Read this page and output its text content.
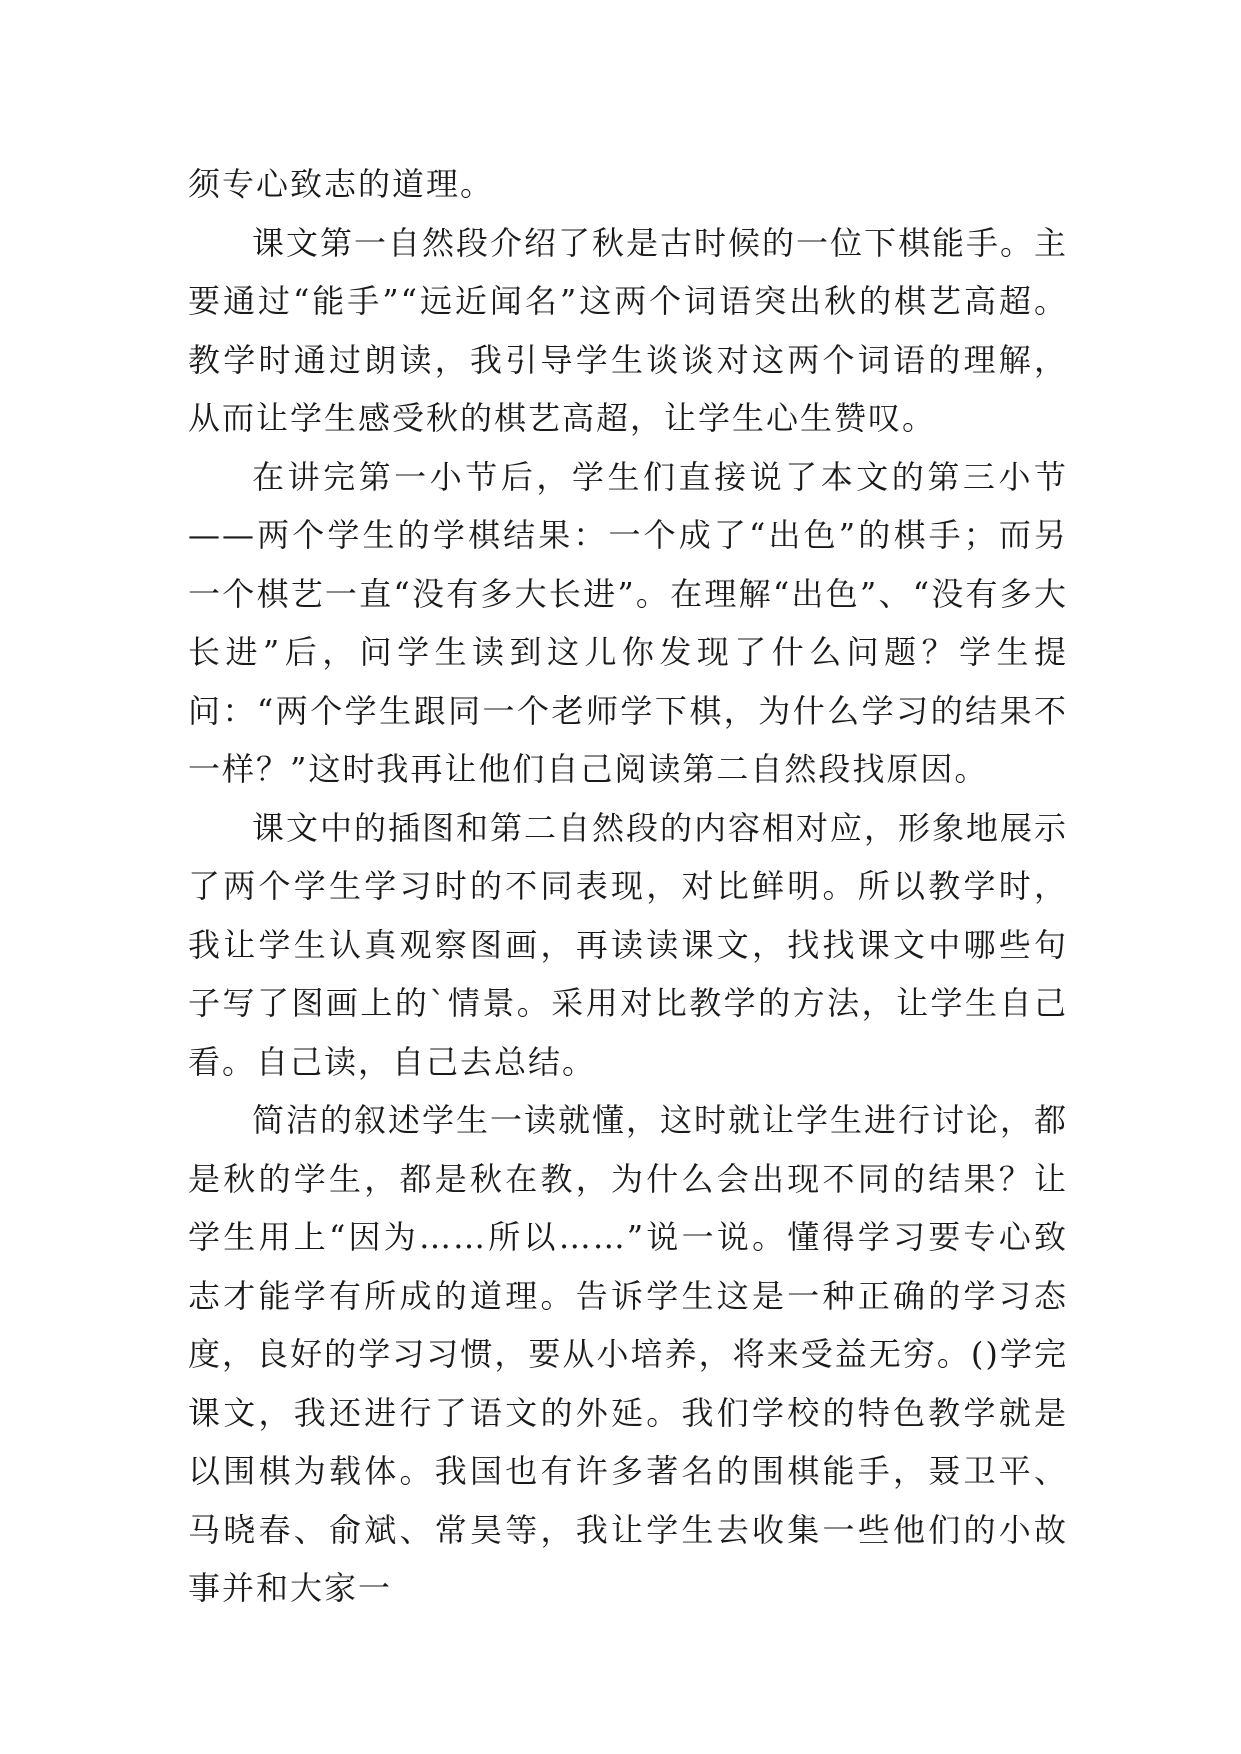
须专心致志的道理。

课文第一自然段介绍了秋是古时候的一位下棋能手。主要通过“能手”“远近闻名”这两个词语突出秋的棋艺高超。教学时通过朗读，我引导学生谈谈对这两个词语的理解，从而让学生感受秋的棋艺高超，让学生心生赞叹。

在讲完第一小节后，学生们直接说了本文的第三小节——两个学生的学棋结果：一个成了“出色”的棋手；而另一个棋艺一直“没有多大长进”。在理解“出色”、“没有多大长进”后，问学生读到这儿你发现了什么问题？学生提问：“两个学生跟同一个老师学下棋，为什么学习的结果不一样？”这时我再让他们自己阅读第二自然段找原因。

课文中的插图和第二自然段的内容相对应，形象地展示了两个学生学习时的不同表现，对比鲜明。所以教学时，我让学生认真观察图画，再读读课文，找找课文中哪些句子写了图画上的`情景。采用对比教学的方法，让学生自己看。自己读，自己去总结。

简洁的叙述学生一读就懂，这时就让学生进行讨论，都是秋的学生，都是秋在教，为什么会出现不同的结果？让学生用上“因为……所以……”说一说。懂得学习要专心致志才能学有所成的道理。告诉学生这是一种正确的学习态度，良好的学习习惯，要从小培养，将来受益无穷。()学完课文，我还进行了语文的外延。我们学校的特色教学就是以围棋为载体。我国也有许多著名的围棋能手，聂卫平、马晓春、俞斌、常昊等，我让学生去收集一些他们的小故事并和大家一
